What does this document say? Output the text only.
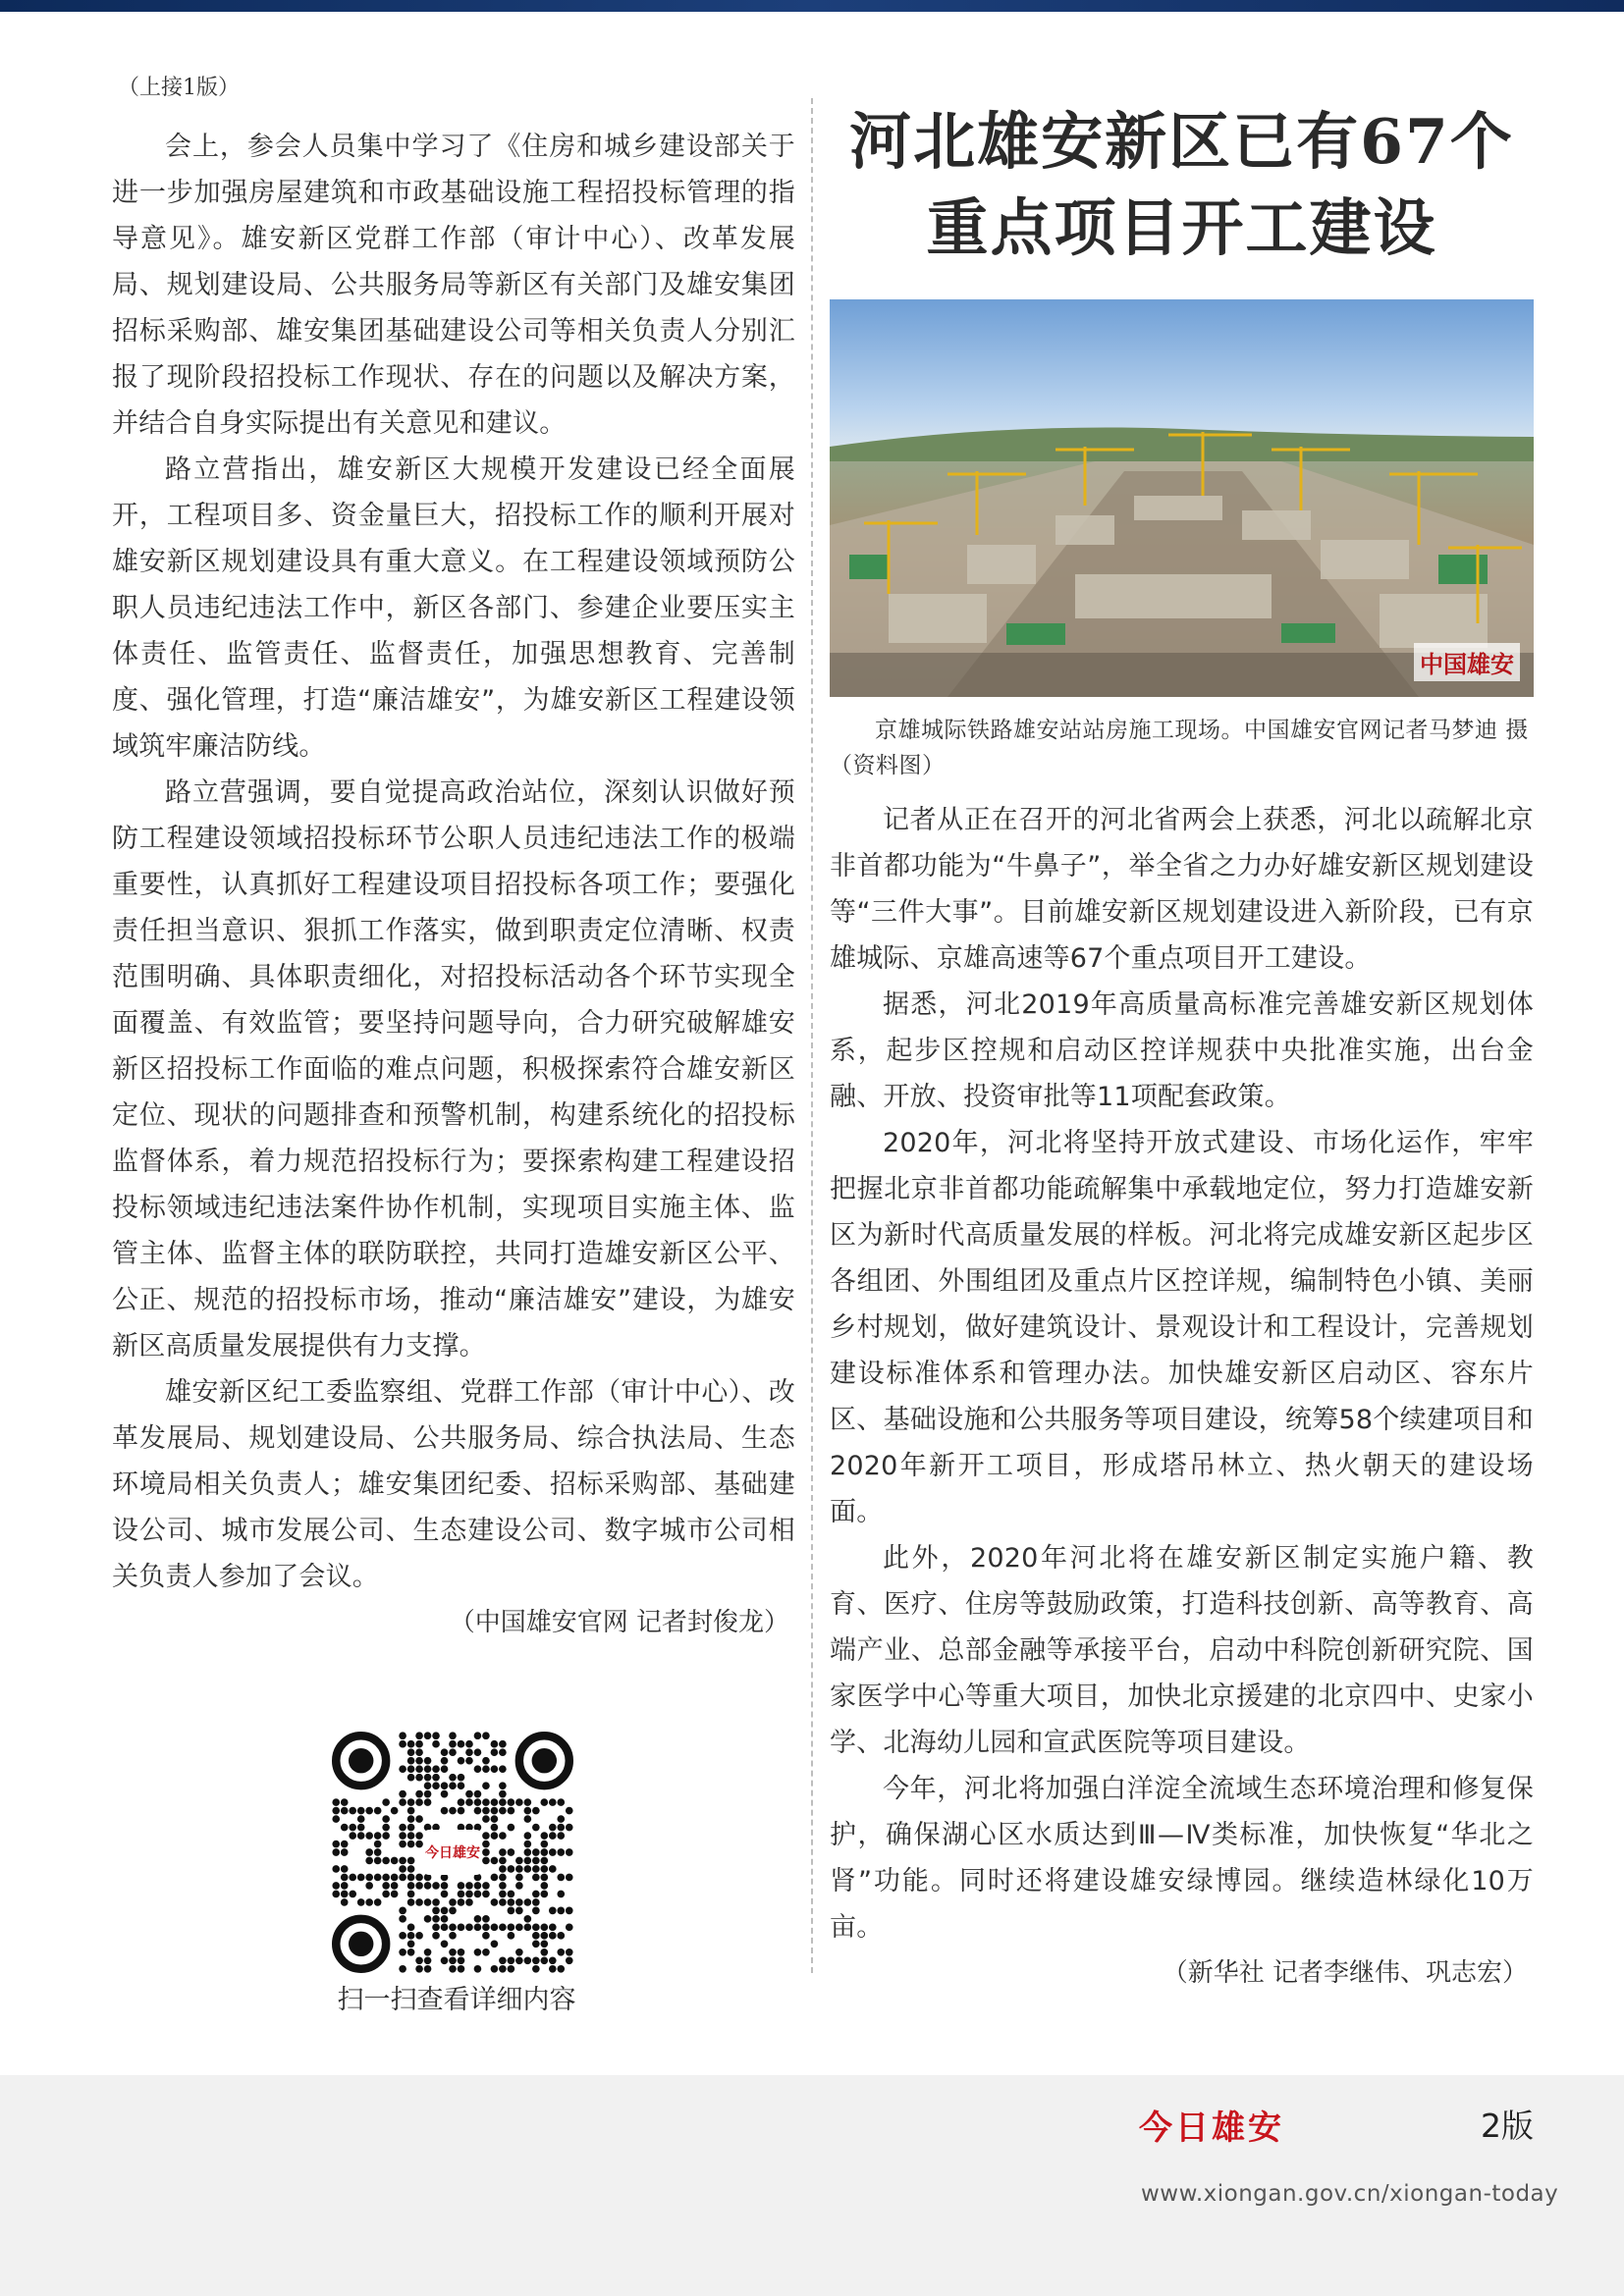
（上接1版）

会上，参会人员集中学习了《住房和城乡建设部关于进一步加强房屋建筑和市政基础设施工程招投标管理的指导意见》。雄安新区党群工作部（审计中心）、改革发展局、规划建设局、公共服务局等新区有关部门及雄安集团招标采购部、雄安集团基础建设公司等相关负责人分别汇报了现阶段招投标工作现状、存在的问题以及解决方案，并结合自身实际提出有关意见和建议。

路立营指出，雄安新区大规模开发建设已经全面展开，工程项目多、资金量巨大，招投标工作的顺利开展对雄安新区规划建设具有重大意义。在工程建设领域预防公职人员违纪违法工作中，新区各部门、参建企业要压实主体责任、监管责任、监督责任，加强思想教育、完善制度、强化管理，打造“廉洁雄安”，为雄安新区工程建设领域筑牢廉洁防线。

路立营强调，要自觉提高政治站位，深刻认识做好预防工程建设领域招投标环节公职人员违纪违法工作的极端重要性，认真抓好工程建设项目招投标各项工作；要强化责任担当意识、狠抓工作落实，做到职责定位清晰、权责范围明确、具体职责细化，对招投标活动各个环节实现全面覆盖、有效监管；要坚持问题导向，合力研究破解雄安新区招投标工作面临的难点问题，积极探索符合雄安新区定位、现状的问题排查和预警机制，构建系统化的招投标监督体系，着力规范招投标行为；要探索构建工程建设招投标领域违纪违法案件协作机制，实现项目实施主体、监管主体、监督主体的联防联控，共同打造雄安新区公平、公正、规范的招投标市场，推动“廉洁雄安”建设，为雄安新区高质量发展提供有力支撑。

雄安新区纪工委监察组、党群工作部（审计中心）、改革发展局、规划建设局、公共服务局、综合执法局、生态环境局相关负责人；雄安集团纪委、招标采购部、基础建设公司、城市发展公司、生态建设公司、数字城市公司相关负责人参加了会议。

（中国雄安官网 记者封俊龙）

河北雄安新区已有67个
重点项目开工建设
中国雄安

京雄城际铁路雄安站站房施工现场。中国雄安官网记者马梦迪 摄（资料图）

记者从正在召开的河北省两会上获悉，河北以疏解北京非首都功能为“牛鼻子”，举全省之力办好雄安新区规划建设等“三件大事”。目前雄安新区规划建设进入新阶段，已有京雄城际、京雄高速等67个重点项目开工建设。

据悉，河北2019年高质量高标准完善雄安新区规划体系，起步区控规和启动区控详规获中央批准实施，出台金融、开放、投资审批等11项配套政策。

2020年，河北将坚持开放式建设、市场化运作，牢牢把握北京非首都功能疏解集中承载地定位，努力打造雄安新区为新时代高质量发展的样板。河北将完成雄安新区起步区各组团、外围组团及重点片区控详规，编制特色小镇、美丽乡村规划，做好建筑设计、景观设计和工程设计，完善规划建设标准体系和管理办法。加快雄安新区启动区、容东片区、基础设施和公共服务等项目建设，统筹58个续建项目和2020年新开工项目，形成塔吊林立、热火朝天的建设场面。

此外，2020年河北将在雄安新区制定实施户籍、教育、医疗、住房等鼓励政策，打造科技创新、高等教育、高端产业、总部金融等承接平台，启动中科院创新研究院、国家医学中心等重大项目，加快北京援建的北京四中、史家小学、北海幼儿园和宣武医院等项目建设。

今年，河北将加强白洋淀全流域生态环境治理和修复保护，确保湖心区水质达到Ⅲ—Ⅳ类标准，加快恢复“华北之肾”功能。同时还将建设雄安绿博园。继续造林绿化10万亩。

（新华社 记者李继伟、巩志宏）

今日雄安
扫一扫查看详细内容
今日雄安	2版
www.xiongan.gov.cn/xiongan-today
